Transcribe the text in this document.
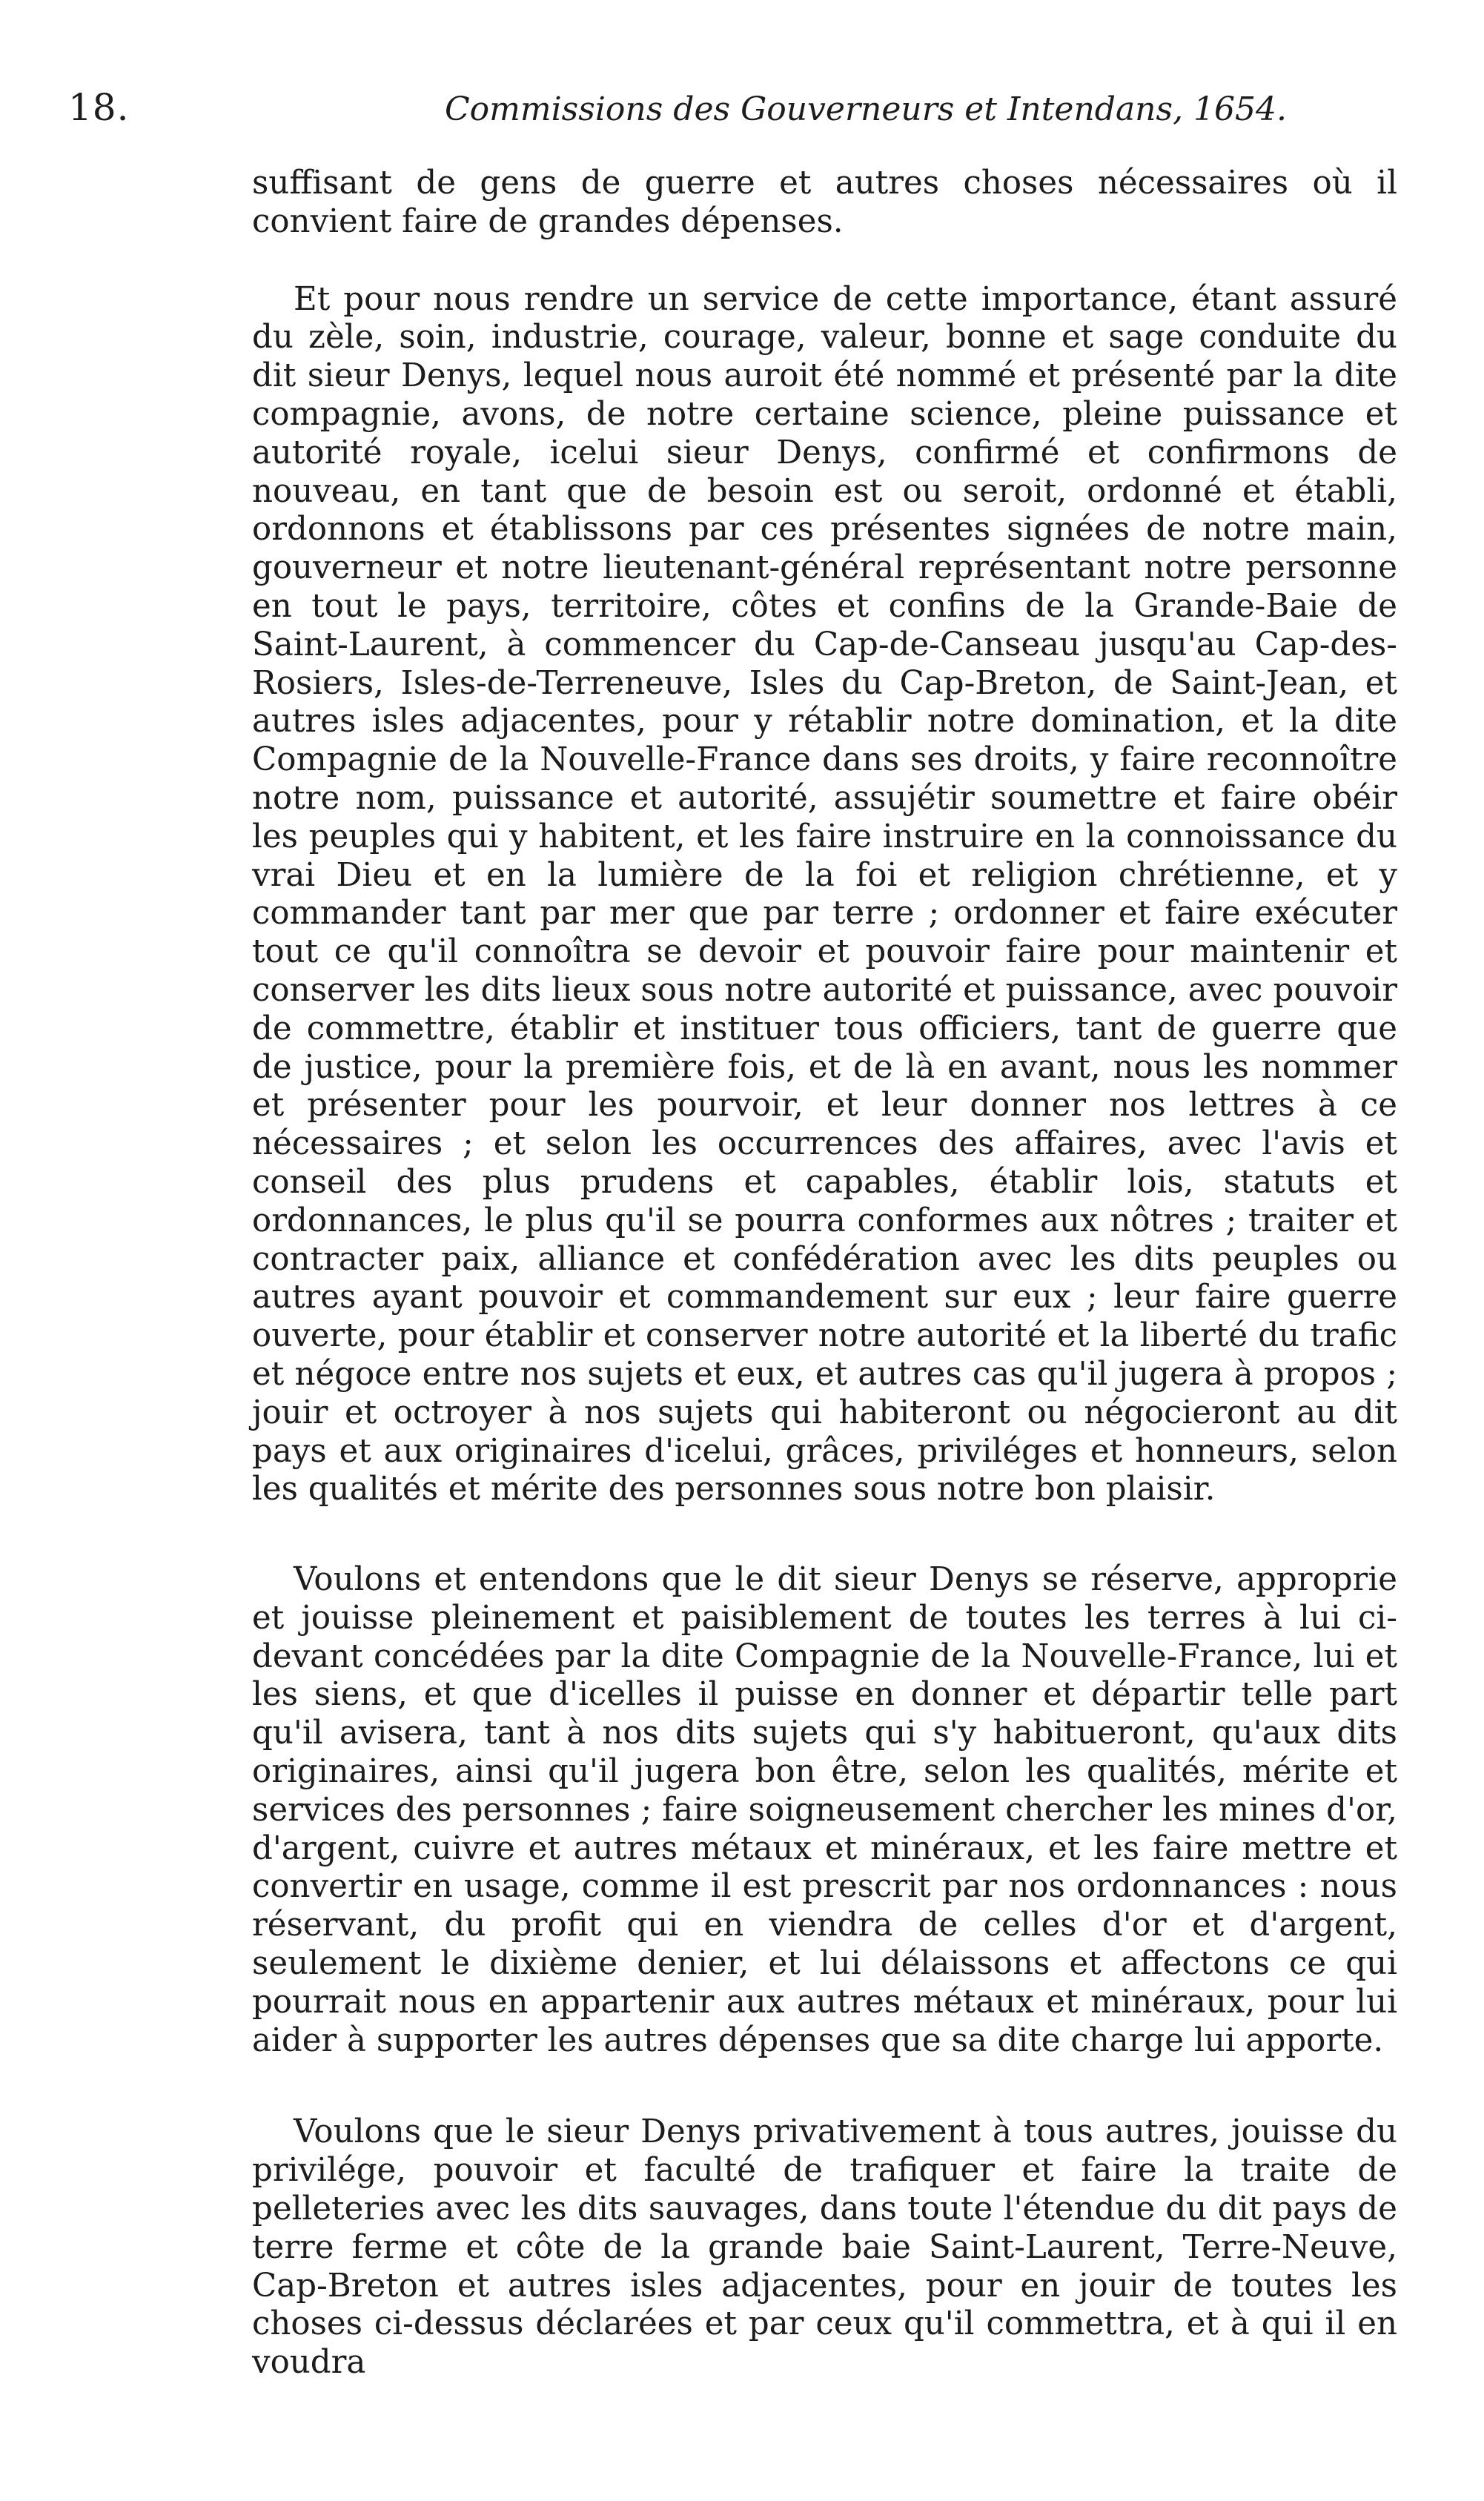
18.	Commissions des Gouverneurs et Intendans, 1654.

suffisant de gens de guerre et autres choses nécessaires où il convient faire de grandes dépenses.

Et pour nous rendre un service de cette importance, étant assuré du zèle, soin, industrie, courage, valeur, bonne et sage conduite du dit sieur Denys, lequel nous auroit été nommé et présenté par la dite compagnie, avons, de notre certaine science, pleine puissance et autorité royale, icelui sieur Denys, confirmé et confirmons de nouveau, en tant que de besoin est ou seroit, ordonné et établi, ordonnons et établissons par ces présentes signées de notre main, gouverneur et notre lieutenant-général représentant notre personne en tout le pays, territoire, côtes et confins de la Grande-Baie de Saint-Laurent, à commencer du Cap-de-Canseau jusqu'au Cap-des-Rosiers, Isles-de-Terreneuve, Isles du Cap-Breton, de Saint-Jean, et autres isles adjacentes, pour y rétablir notre domination, et la dite Compagnie de la Nouvelle-France dans ses droits, y faire reconnoître notre nom, puissance et autorité, assujétir soumettre et faire obéir les peuples qui y habitent, et les faire instruire en la connoissance du vrai Dieu et en la lumière de la foi et religion chrétienne, et y commander tant par mer que par terre ; ordonner et faire exécuter tout ce qu'il connoîtra se devoir et pouvoir faire pour maintenir et conserver les dits lieux sous notre autorité et puissance, avec pouvoir de commettre, établir et instituer tous officiers, tant de guerre que de justice, pour la première fois, et de là en avant, nous les nommer et présenter pour les pourvoir, et leur donner nos lettres à ce nécessaires ; et selon les occurrences des affaires, avec l'avis et conseil des plus prudens et capables, établir lois, statuts et ordonnances, le plus qu'il se pourra conformes aux nôtres ; traiter et contracter paix, alliance et confédération avec les dits peuples ou autres ayant pouvoir et commandement sur eux ; leur faire guerre ouverte, pour établir et conserver notre autorité et la liberté du trafic et négoce entre nos sujets et eux, et autres cas qu'il jugera à propos ; jouir et octroyer à nos sujets qui habiteront ou négocieront au dit pays et aux originaires d'icelui, grâces, priviléges et honneurs, selon les qualités et mérite des personnes sous notre bon plaisir.

Voulons et entendons que le dit sieur Denys se réserve, approprie et jouisse pleinement et paisiblement de toutes les terres à lui ci-devant concédées par la dite Compagnie de la Nouvelle-France, lui et les siens, et que d'icelles il puisse en donner et départir telle part qu'il avisera, tant à nos dits sujets qui s'y habitueront, qu'aux dits originaires, ainsi qu'il jugera bon être, selon les qualités, mérite et services des personnes ; faire soigneusement chercher les mines d'or, d'argent, cuivre et autres métaux et minéraux, et les faire mettre et convertir en usage, comme il est prescrit par nos ordonnances : nous réservant, du profit qui en viendra de celles d'or et d'argent, seulement le dixième denier, et lui délaissons et affectons ce qui pourrait nous en appartenir aux autres métaux et minéraux, pour lui aider à supporter les autres dépenses que sa dite charge lui apporte.

Voulons que le sieur Denys privativement à tous autres, jouisse du privilége, pouvoir et faculté de trafiquer et faire la traite de pelleteries avec les dits sauvages, dans toute l'étendue du dit pays de terre ferme et côte de la grande baie Saint-Laurent, Terre-Neuve, Cap-Breton et autres isles adjacentes, pour en jouir de toutes les choses ci-dessus déclarées et par ceux qu'il commettra, et à qui il en voudra
